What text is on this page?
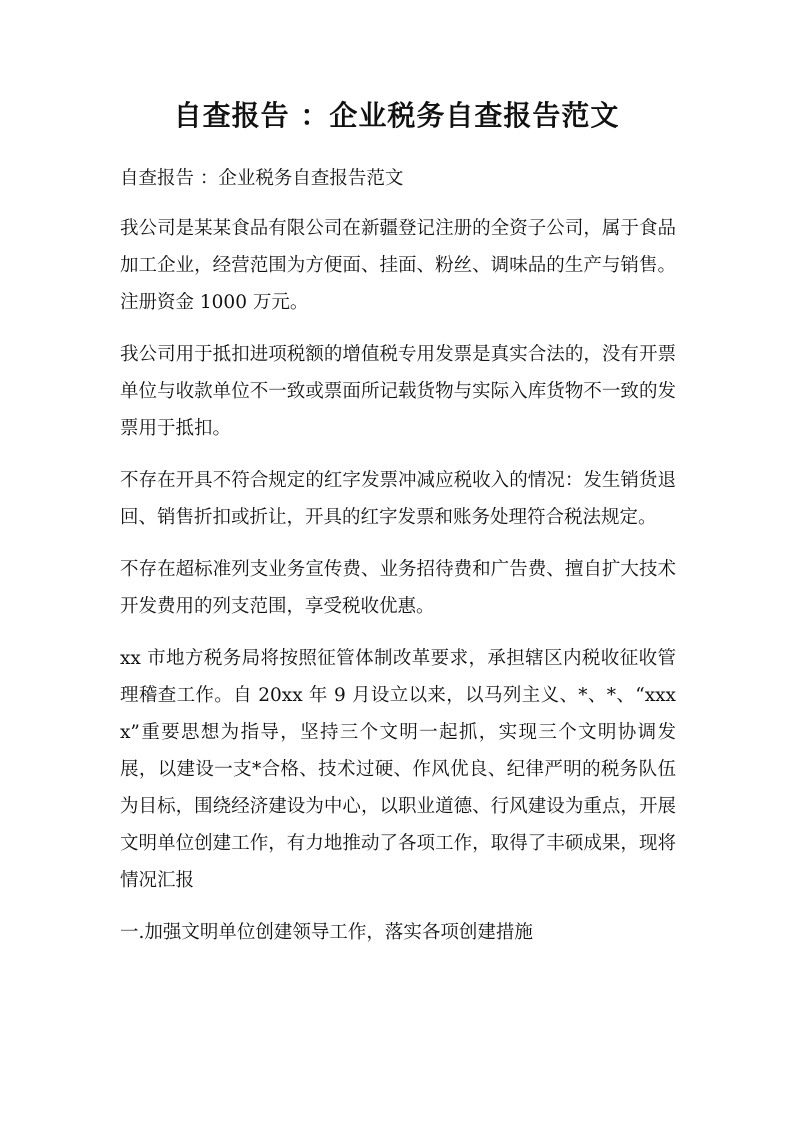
自查报告 ：企业税务自查报告范文

自查报告 ：企业税务自查报告范文

我公司是某某食品有限公司在新疆登记注册的全资子公司，属于食品加工企业，经营范围为方便面、挂面、粉丝、调味品的生产与销售。注册资金 1000 万元。

我公司用于抵扣进项税额的增值税专用发票是真实合法的，没有开票单位与收款单位不一致或票面所记载货物与实际入库货物不一致的发票用于抵扣。

不存在开具不符合规定的红字发票冲减应税收入的情况：发生销货退回、销售折扣或折让，开具的红字发票和账务处理符合税法规定。

不存在超标准列支业务宣传费、业务招待费和广告费、擅自扩大技术开发费用的列支范围，享受税收优惠。

xx 市地方税务局将按照征管体制改革要求，承担辖区内税收征收管理稽查工作。自 20xx 年 9 月设立以来，以马列主义、*、*、“xxxx”重要思想为指导，坚持三个文明一起抓，实现三个文明协调发展，以建设一支*合格、技术过硬、作风优良、纪律严明的税务队伍为目标，围绕经济建设为中心，以职业道德、行风建设为重点，开展文明单位创建工作，有力地推动了各项工作，取得了丰硕成果，现将情况汇报

一.加强文明单位创建领导工作，落实各项创建措施
